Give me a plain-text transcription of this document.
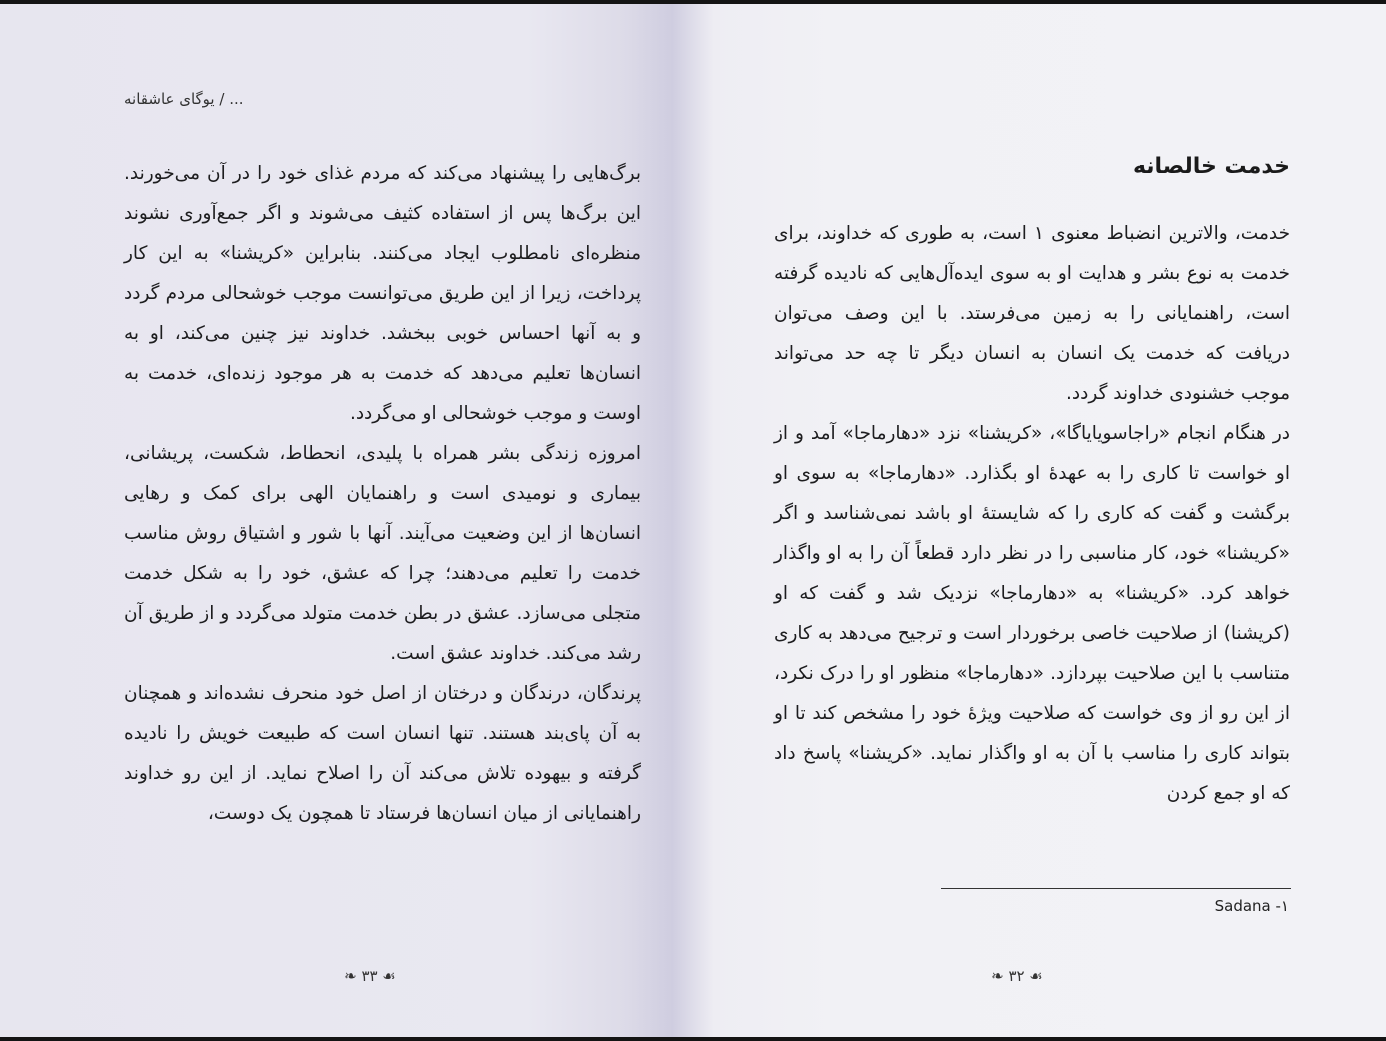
... / یوگای عاشقانه

برگ‌هایی را پیشنهاد می‌کند که مردم غذای خود را در آن می‌خورند. این برگ‌ها پس از استفاده کثیف می‌شوند و اگر جمع‌آوری نشوند منظره‌ای نامطلوب ایجاد می‌کنند. بنابراین «کریشنا» به این کار پرداخت، زیرا از این طریق می‌توانست موجب خوشحالی مردم گردد و به آنها احساس خوبی ببخشد. خداوند نیز چنین می‌کند، او به انسان‌ها تعلیم می‌دهد که خدمت به هر موجود زنده‌ای، خدمت به اوست و موجب خوشحالی او می‌گردد.

امروزه زندگی بشر همراه با پلیدی، انحطاط، شکست، پریشانی، بیماری و نومیدی است و راهنمایان الهی برای کمک و رهایی انسان‌ها از این وضعیت می‌آیند. آنها با شور و اشتیاق روش مناسب خدمت را تعلیم می‌دهند؛ چرا که عشق، خود را به شکل خدمت متجلی می‌سازد. عشق در بطن خدمت متولد می‌گردد و از طریق آن رشد می‌کند. خداوند عشق است.

پرندگان، درندگان و درختان از اصل خود منحرف نشده‌اند و همچنان به آن پای‌بند هستند. تنها انسان است که طبیعت خویش را نادیده گرفته و بیهوده تلاش می‌کند آن را اصلاح نماید. از این رو خداوند راهنمایانی از میان انسان‌ها فرستاد تا همچون یک دوست،

❧ ۳۳ ☙
خدمت خالصانه

خدمت، والاترین انضباط معنوی ۱ است، به طوری که خداوند، برای خدمت به نوع بشر و هدایت او به سوی ایده‌آل‌هایی که نادیده گرفته است، راهنمایانی را به زمین می‌فرستد. با این وصف می‌توان دریافت که خدمت یک انسان به انسان دیگر تا چه حد می‌تواند موجب خشنودی خداوند گردد.

در هنگام انجام «راجاسویایاگا»، «کریشنا» نزد «دهارماجا» آمد و از او خواست تا کاری را به عهدهٔ او بگذارد. «دهارماجا» به سوی او برگشت و گفت که کاری را که شایستهٔ او باشد نمی‌شناسد و اگر «کریشنا» خود، کار مناسبی را در نظر دارد قطعاً آن را به او واگذار خواهد کرد. «کریشنا» به «دهارماجا» نزدیک شد و گفت که او (کریشنا) از صلاحیت خاصی برخوردار است و ترجیح می‌دهد به کاری متناسب با این صلاحیت بپردازد. «دهارماجا» منظور او را درک نکرد، از این رو از وی خواست که صلاحیت ویژهٔ خود را مشخص کند تا او بتواند کاری را مناسب با آن به او واگذار نماید. «کریشنا» پاسخ داد که او جمع کردن

Sadana -۱
❧ ۳۲ ☙
